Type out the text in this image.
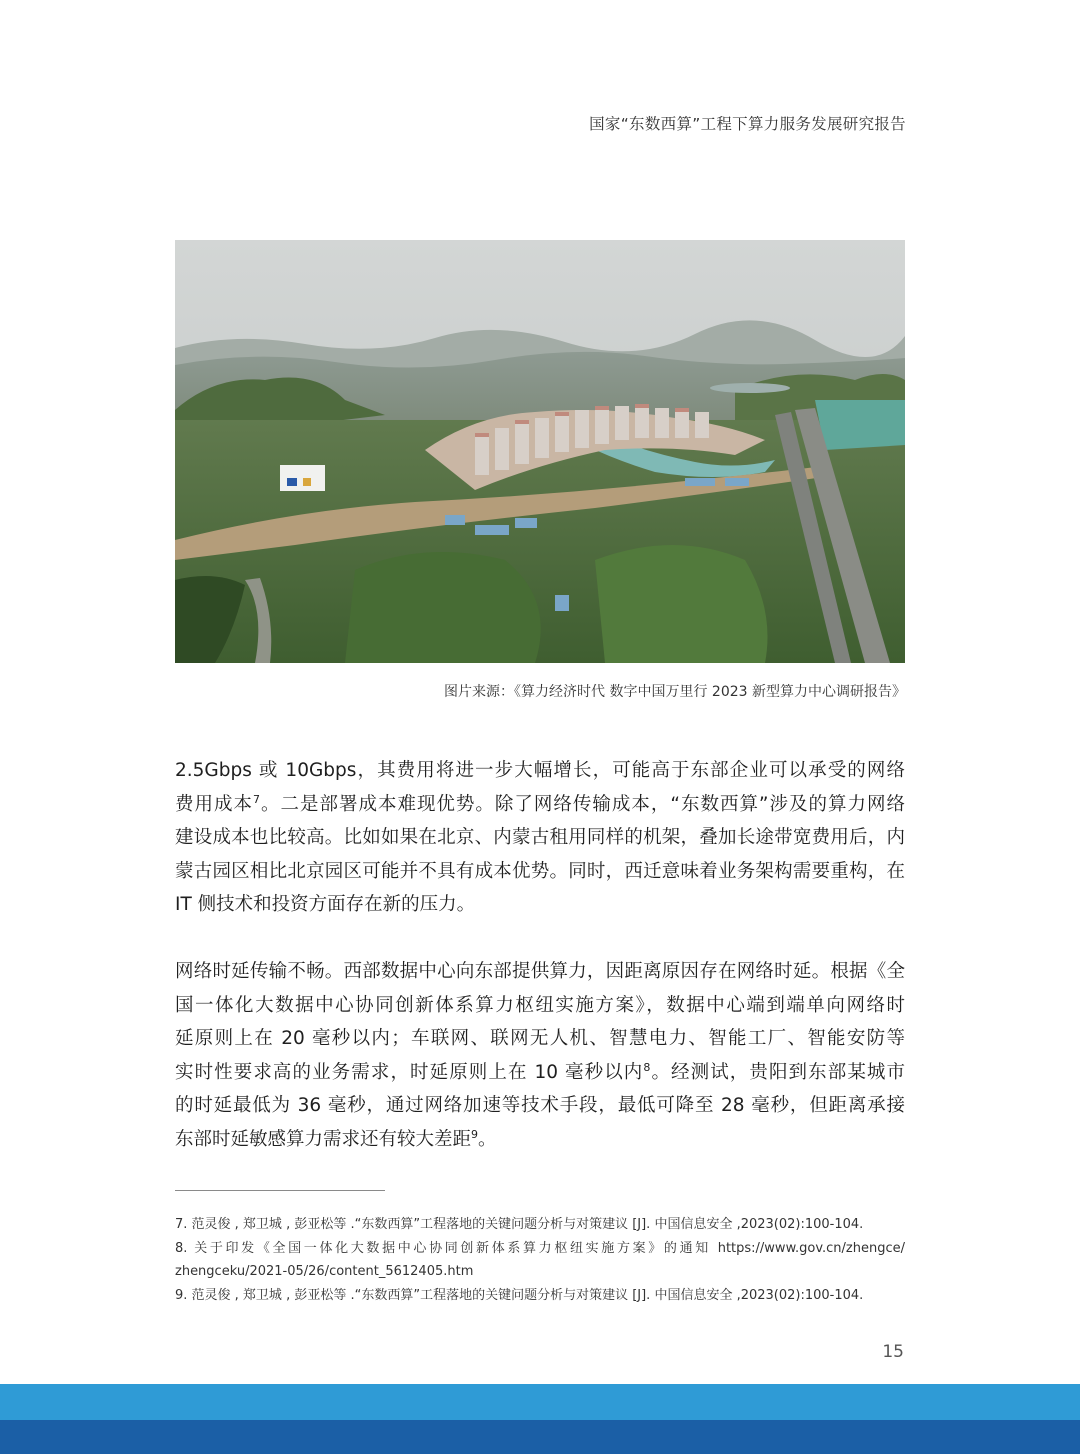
国家“东数西算”工程下算力服务发展研究报告
图片来源：《算力经济时代 数字中国万里行 2023 新型算力中心调研报告》
2.5Gbps 或 10Gbps，其费用将进一步大幅增长，可能高于东部企业可以承受的网络
费用成本$^7$。二是部署成本难现优势。除了网络传输成本，“东数西算”涉及的算力网络
建设成本也比较高。比如如果在北京、内蒙古租用同样的机架，叠加长途带宽费用后，内
蒙古园区相比北京园区可能并不具有成本优势。同时，西迁意味着业务架构需要重构，在
IT 侧技术和投资方面存在新的压力。
网络时延传输不畅。西部数据中心向东部提供算力，因距离原因存在网络时延。根据《全
国一体化大数据中心协同创新体系算力枢纽实施方案》，数据中心端到端单向网络时
延原则上在 20 毫秒以内；车联网、联网无人机、智慧电力、智能工厂、智能安防等
实时性要求高的业务需求，时延原则上在 10 毫秒以内$^8$。经测试，贵阳到东部某城市
的时延最低为 36 毫秒，通过网络加速等技术手段，最低可降至 28 毫秒，但距离承接
东部时延敏感算力需求还有较大差距$^9$。
7. 范灵俊 , 郑卫城 , 彭亚松等 .“东数西算”工程落地的关键问题分析与对策建议 [J]. 中国信息安全 ,2023(02):100-104.
8. 关于印发《全国一体化大数据中心协同创新体系算力枢纽实施方案》的通知 https://www.gov.cn/zhengce/
zhengceku/2021-05/26/content_5612405.htm
9. 范灵俊 , 郑卫城 , 彭亚松等 .“东数西算”工程落地的关键问题分析与对策建议 [J]. 中国信息安全 ,2023(02):100-104.
15
